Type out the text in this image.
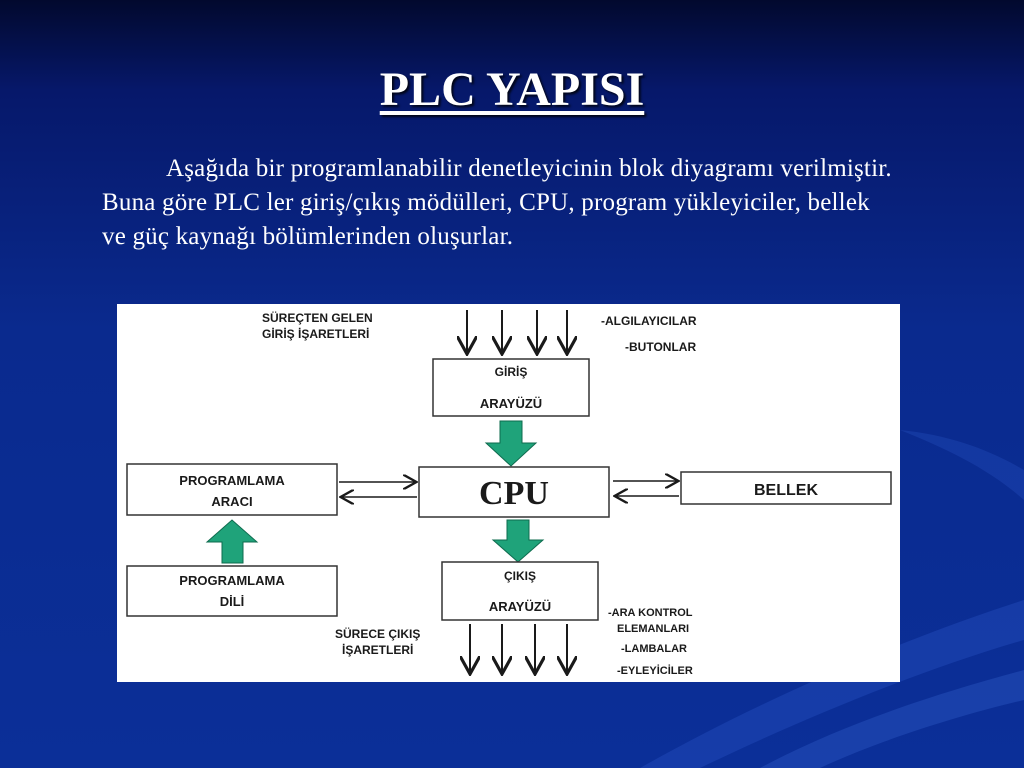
PLC YAPISI
Aşağıda bir programlanabilir denetleyicinin blok diyagramı verilmiştir. Buna göre PLC ler giriş/çıkış mödülleri, CPU, program yükleyiciler, bellek ve güç kaynağı bölümlerinden oluşurlar.
SÜREÇTEN GELEN
GİRİŞ İŞARETLERİ
-ALGILAYICILAR
-BUTONLAR
GİRİŞ
ARAYÜZÜ
CPU
PROGRAMLAMA
ARACI
BELLEK
PROGRAMLAMA
DİLİ
ÇIKIŞ
ARAYÜZÜ
SÜRECE ÇIKIŞ
İŞARETLERİ
-ARA KONTROL
ELEMANLARI
-LAMBALAR
-EYLEYİCİLER
